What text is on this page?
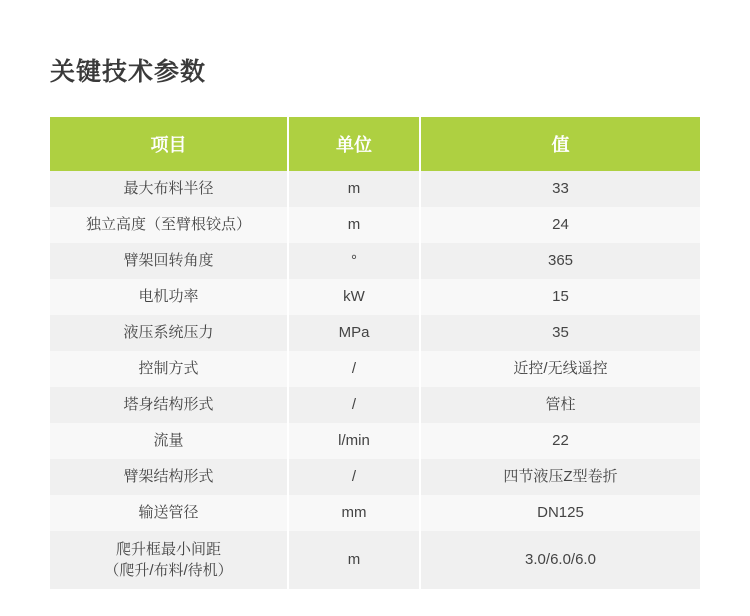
关键技术参数
项目	单位	值
最大布料半径	m	33
独立高度（至臂根铰点）	m	24
臂架回转角度	°	365
电机功率	kW	15
液压系统压力	MPa	35
控制方式	/	近控/无线遥控
塔身结构形式	/	管柱
流量	l/min	22
臂架结构形式	/	四节液压Z型卷折
输送管径	mm	DN125

爬升框最小间距
（爬升/布料/待机）	m	3.0/6.0/6.0
